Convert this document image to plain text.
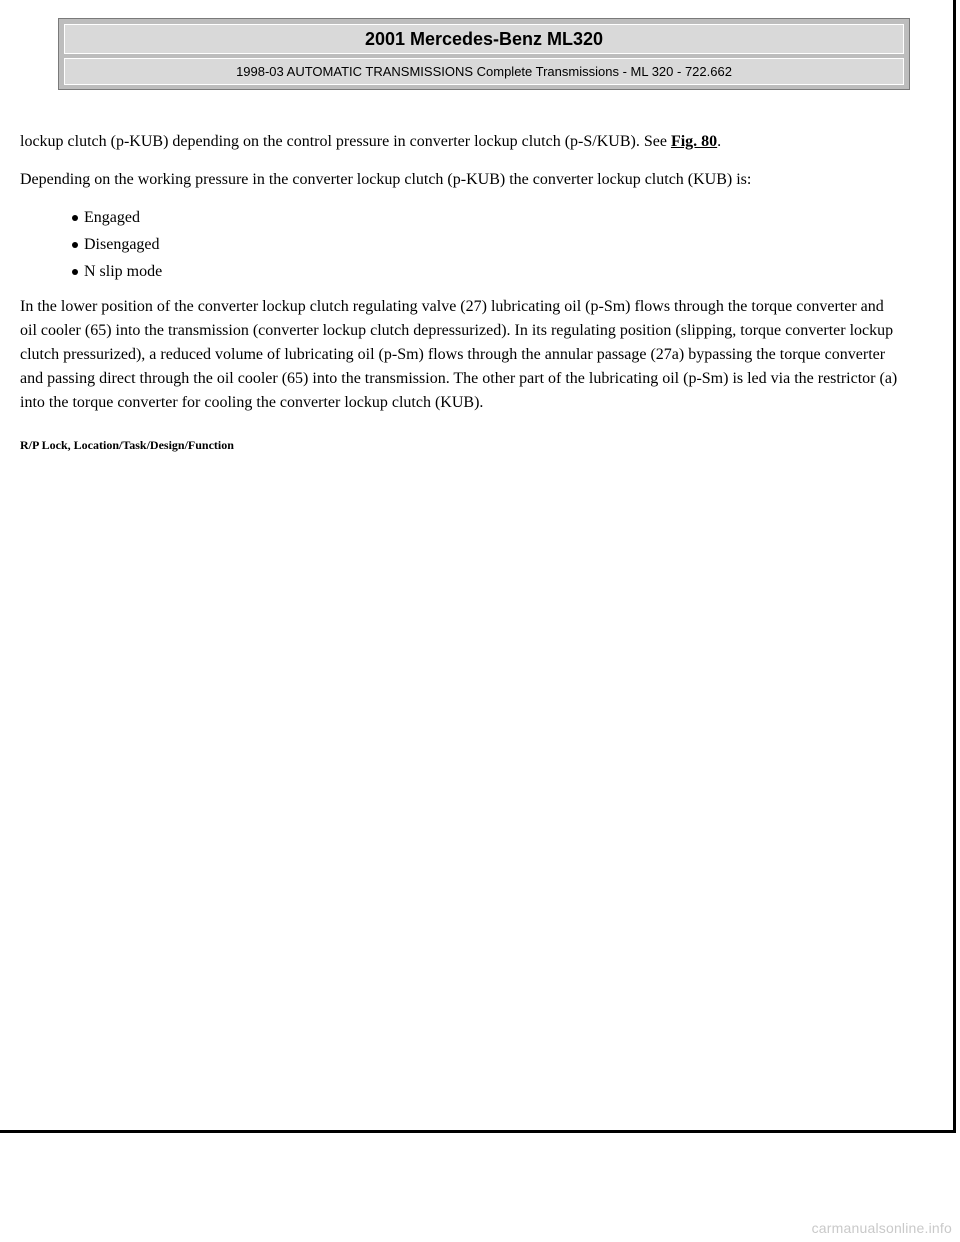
2001 Mercedes-Benz ML320
1998-03 AUTOMATIC TRANSMISSIONS Complete Transmissions - ML 320 - 722.662

lockup clutch (p-KUB) depending on the control pressure in converter lockup clutch (p-S/KUB). See Fig. 80.

Depending on the working pressure in the converter lockup clutch (p-KUB) the converter lockup clutch (KUB) is:

Engaged
Disengaged
N slip mode

In the lower position of the converter lockup clutch regulating valve (27) lubricating oil (p-Sm) flows through the torque converter and oil cooler (65) into the transmission (converter lockup clutch depressurized). In its regulating position (slipping, torque converter lockup clutch pressurized), a reduced volume of lubricating oil (p-Sm) flows through the annular passage (27a) bypassing the torque converter and passing direct through the oil cooler (65) into the transmission. The other part of the lubricating oil (p-Sm) is led via the restrictor (a) into the torque converter for cooling the converter lockup clutch (KUB).

R/P Lock, Location/Task/Design/Function
carmanualsonline.info
